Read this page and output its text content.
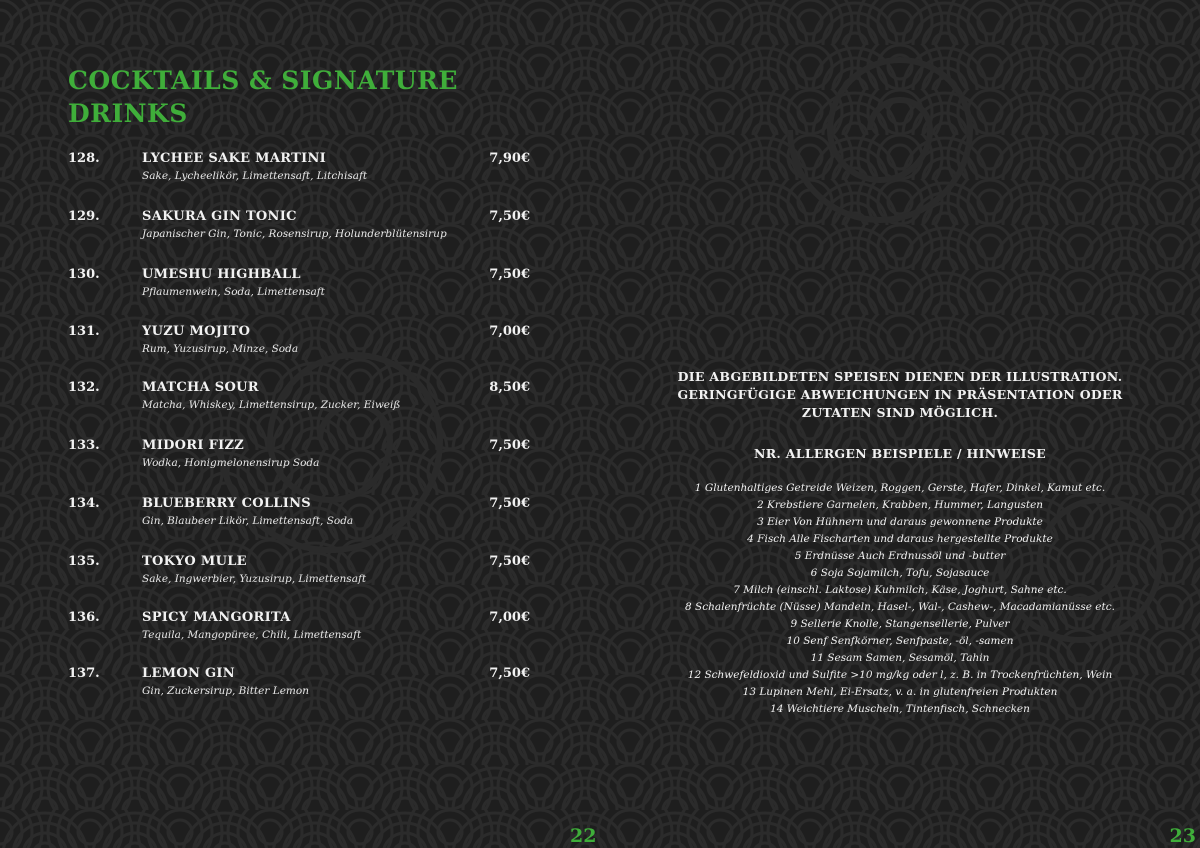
COCKTAILS & SIGNATURE DRINKS
128.	LYCHEE SAKE MARTINI	7,90€
Sake, Lycheelikör, Limettensaft, Litchisaft
129.	SAKURA GIN TONIC	7,50€
Japanischer Gin, Tonic, Rosensirup, Holunderblütensirup
130.	UMESHU HIGHBALL	7,50€
Pflaumenwein, Soda, Limettensaft
131.	YUZU MOJITO	7,00€
Rum, Yuzusirup, Minze, Soda
132.	MATCHA SOUR	8,50€
Matcha, Whiskey, Limettensirup, Zucker, Eiweiß
133.	MIDORI FIZZ	7,50€
Wodka, Honigmelonensirup Soda
134.	BLUEBERRY COLLINS	7,50€
Gin, Blaubeer Likör, Limettensaft, Soda
135.	TOKYO MULE	7,50€
Sake, Ingwerbier, Yuzusirup, Limettensaft
136.	SPICY MANGORITA	7,00€
Tequila, Mangopüree, Chili, Limettensaft
137.	LEMON GIN	7,50€
Gin, Zuckersirup, Bitter Lemon
22
DIE ABGEBILDETEN SPEISEN DIENEN DER ILLUSTRATION.
GERINGFÜGIGE ABWEICHUNGEN IN PRÄSENTATION ODER
ZUTATEN SIND MÖGLICH.
NR. ALLERGEN BEISPIELE / HINWEISE
1 Glutenhaltiges Getreide Weizen, Roggen, Gerste, Hafer, Dinkel, Kamut etc.
2 Krebstiere Garnelen, Krabben, Hummer, Langusten
3 Eier Von Hühnern und daraus gewonnene Produkte
4 Fisch Alle Fischarten und daraus hergestellte Produkte
5 Erdnüsse Auch Erdnussöl und -butter
6 Soja Sojamilch, Tofu, Sojasauce
7 Milch (einschl. Laktose) Kuhmilch, Käse, Joghurt, Sahne etc.
8 Schalenfrüchte (Nüsse) Mandeln, Hasel-, Wal-, Cashew-, Macadamianüsse etc.
9 Sellerie Knolle, Stangensellerie, Pulver
10 Senf Senfkörner, Senfpaste, -öl, -samen
11 Sesam Samen, Sesamöl, Tahin
12 Schwefeldioxid und Sulfite >10 mg/kg oder l, z. B. in Trockenfrüchten, Wein
13 Lupinen Mehl, Ei-Ersatz, v. a. in glutenfreien Produkten
14 Weichtiere Muscheln, Tintenfisch, Schnecken
23
